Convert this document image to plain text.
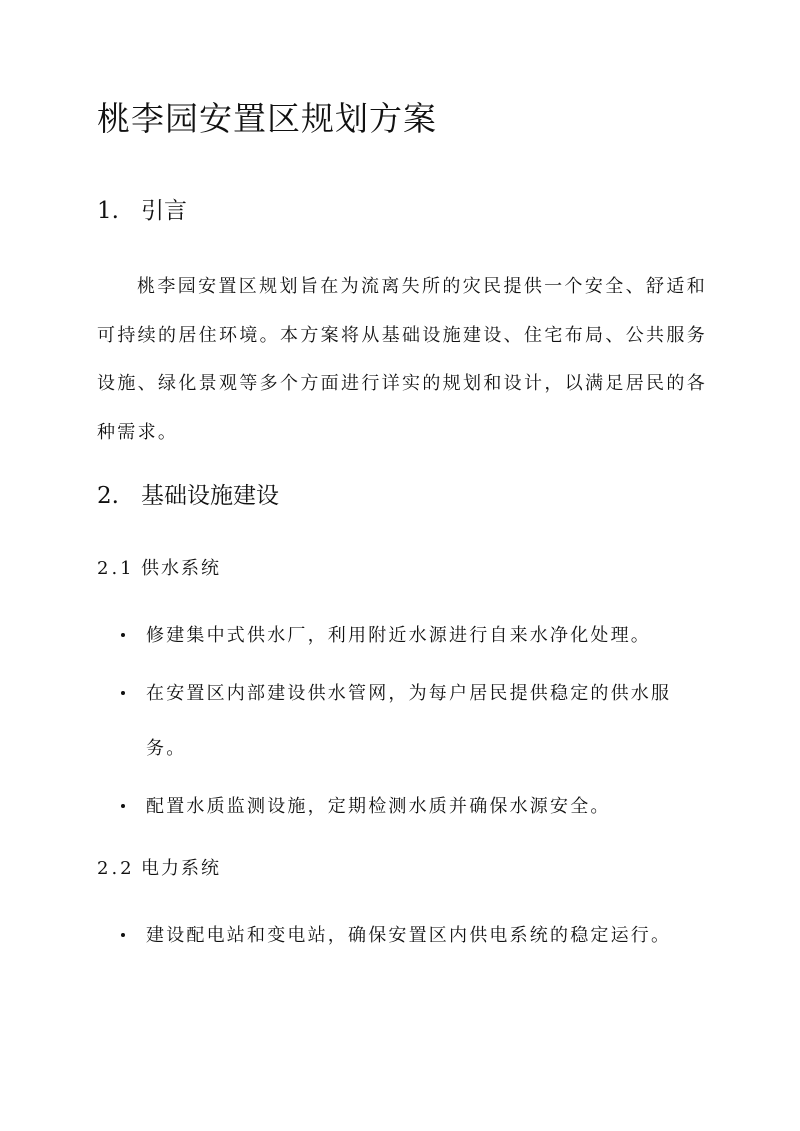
桃李园安置区规划方案
1. 引言

桃李园安置区规划旨在为流离失所的灾民提供一个安全、舒适和可持续的居住环境。本方案将从基础设施建设、住宅布局、公共服务设施、绿化景观等多个方面进行详实的规划和设计，以满足居民的各种需求。

2. 基础设施建设
2.1 供水系统
修建集中式供水厂，利用附近水源进行自来水净化处理。
在安置区内部建设供水管网，为每户居民提供稳定的供水服务。
配置水质监测设施，定期检测水质并确保水源安全。
2.2 电力系统
建设配电站和变电站，确保安置区内供电系统的稳定运行。
